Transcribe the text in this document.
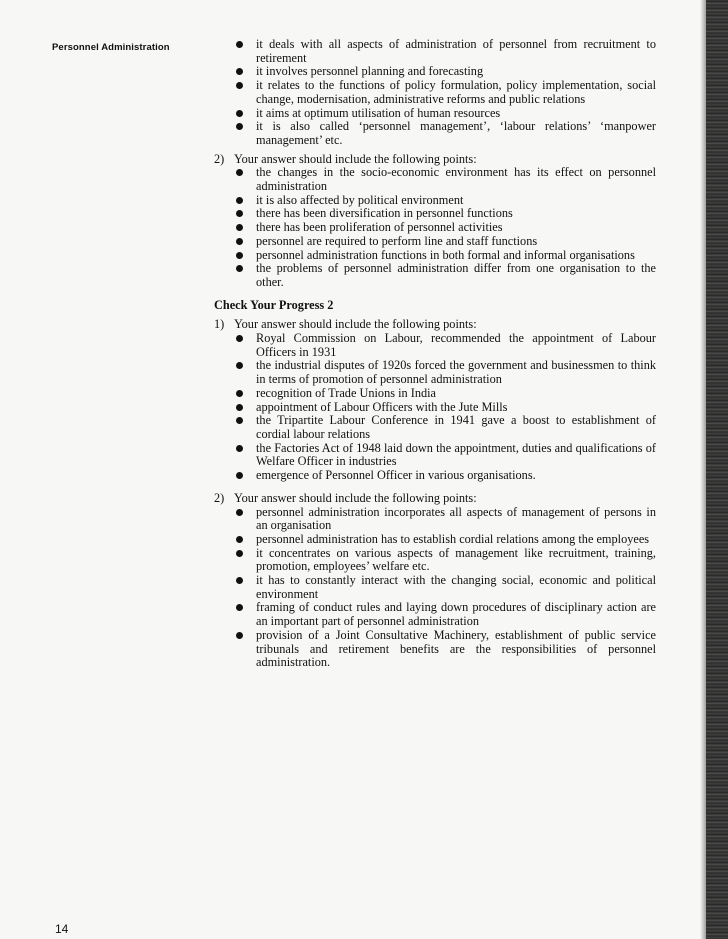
Personnel Administration	it deals with all aspects of administration of personnel from recruitment to retirement
it involves personnel planning and forecasting
it relates to the functions of policy formulation, policy implementation, social change, modernisation, administrative reforms and public relations
it aims at optimum utilisation of human resources
it is also called ‘personnel management’, ‘labour relations’ ‘manpower management’ etc.
2) Your answer should include the following points:
the changes in the socio-economic environment has its effect on personnel administration
it is also affected by political environment
there has been diversification in personnel functions
there has been proliferation of personnel activities
personnel are required to perform line and staff functions
personnel administration functions in both formal and informal organisations
the problems of personnel administration differ from one organisation to the other.
Check Your Progress 2
1) Your answer should include the following points:
Royal Commission on Labour, recommended the appointment of Labour Officers in 1931
the industrial disputes of 1920s forced the government and businessmen to think in terms of promotion of personnel administration
recognition of Trade Unions in India
appointment of Labour Officers with the Jute Mills
the Tripartite Labour Conference in 1941 gave a boost to establishment of cordial labour relations
the Factories Act of 1948 laid down the appointment, duties and qualifications of Welfare Officer in industries
emergence of Personnel Officer in various organisations.
2) Your answer should include the following points:
personnel administration incorporates all aspects of management of persons in an organisation
personnel administration has to establish cordial relations among the employees
it concentrates on various aspects of management like recruitment, training, promotion, employees’ welfare etc.
it has to constantly interact with the changing social, economic and political environment
framing of conduct rules and laying down procedures of disciplinary action are an important part of personnel administration
provision of a Joint Consultative Machinery, establishment of public service tribunals and retirement benefits are the responsibilities of personnel administration.
14
